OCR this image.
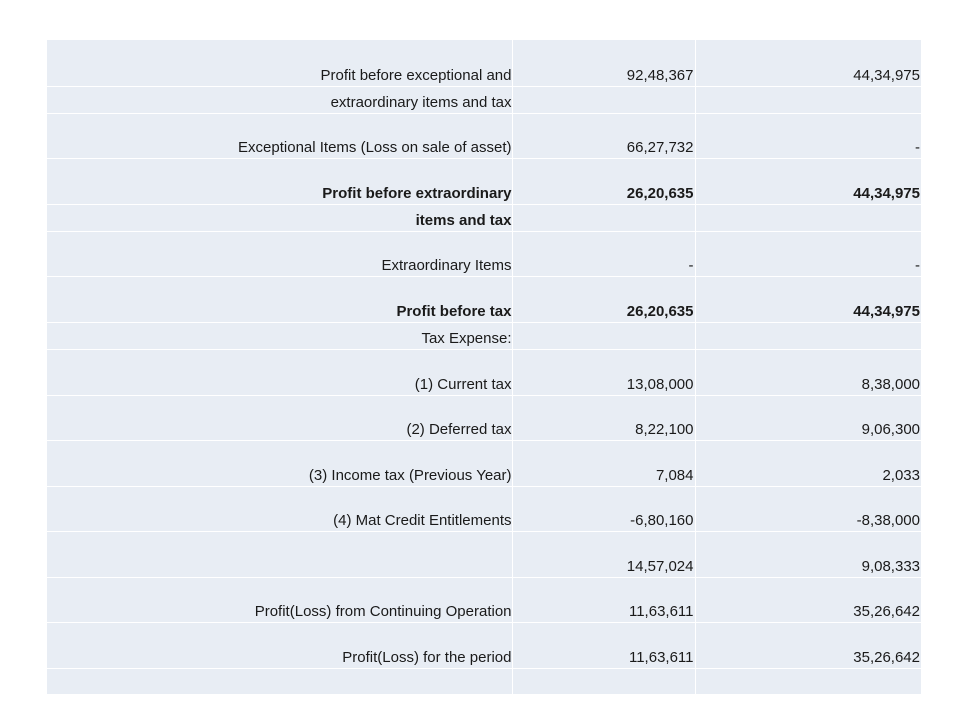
Profit before exceptional and	92,48,367	44,34,975
extraordinary items and tax		
Exceptional Items (Loss on sale of asset)	66,27,732	-
Profit before extraordinary	26,20,635	44,34,975
items and tax		
Extraordinary Items	-	-
Profit before tax	26,20,635	44,34,975
Tax Expense:		
(1) Current tax	13,08,000	8,38,000
(2) Deferred tax	8,22,100	9,06,300
(3) Income tax (Previous Year)	7,084	2,033
(4) Mat Credit Entitlements	-6,80,160	-8,38,000
	14,57,024	9,08,333
Profit(Loss) from Continuing Operation	11,63,611	35,26,642
Profit(Loss) for the period	11,63,611	35,26,642
